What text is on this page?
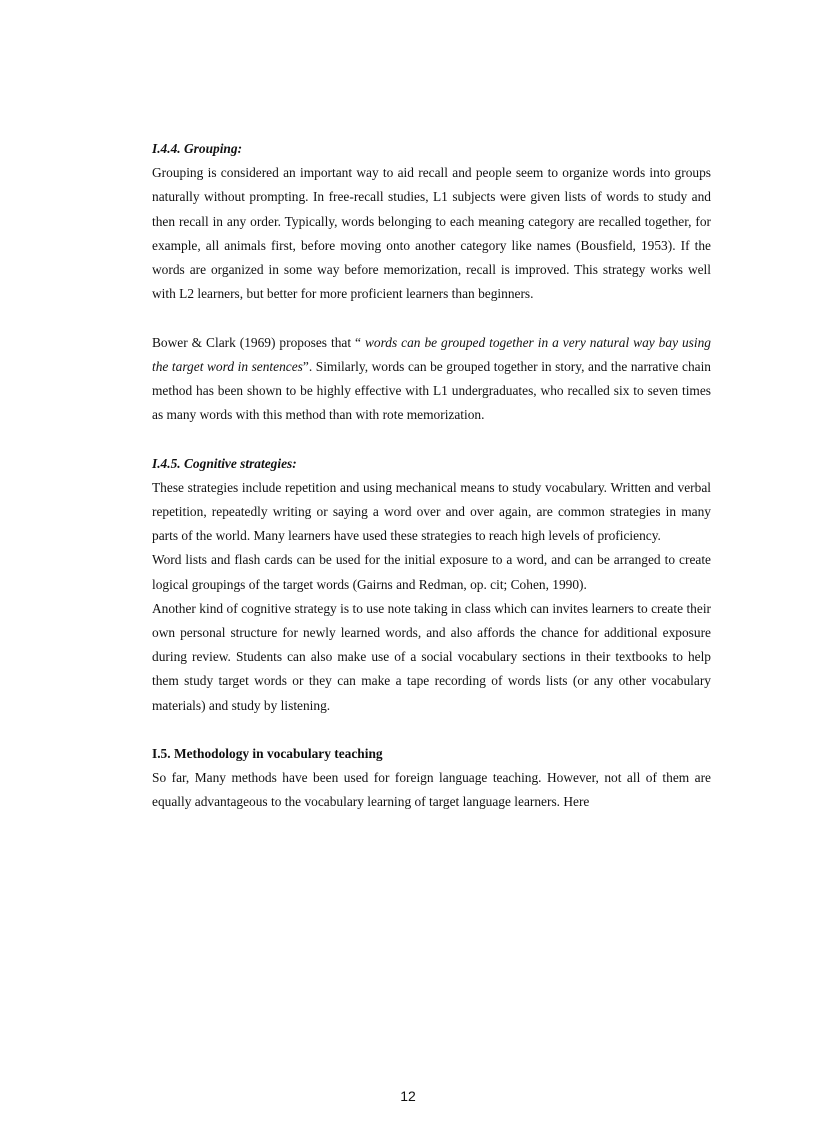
I.4.4. Grouping:

Grouping is considered an important way to aid recall and people seem to organize words into groups naturally without prompting. In free-recall studies, L1 subjects were given lists of words to study and then recall in any order. Typically, words belonging to each meaning category are recalled together, for example, all animals first, before moving onto another category like names (Bousfield, 1953). If the words are organized in some way before memorization, recall is improved. This strategy works well with L2 learners, but better for more proficient learners than beginners.

Bower & Clark (1969) proposes that “ words can be grouped together in a very natural way bay using the target word in sentences”. Similarly, words can be grouped together in story, and the narrative chain method has been shown to be highly effective with L1 undergraduates, who recalled six to seven times as many words with this method than with rote memorization.

I.4.5. Cognitive strategies:

These strategies include repetition and using mechanical means to study vocabulary. Written and verbal repetition, repeatedly writing or saying a word over and over again, are common strategies in many parts of the world. Many learners have used these strategies to reach high levels of proficiency.

Word lists and flash cards can be used for the initial exposure to a word, and can be arranged to create logical groupings of the target words (Gairns and Redman, op. cit; Cohen, 1990).

Another kind of cognitive strategy is to use note taking in class which can invites learners to create their own personal structure for newly learned words, and also affords the chance for additional exposure during review. Students can also make use of a social vocabulary sections in their textbooks to help them study target words or they can make a tape recording of words lists (or any other vocabulary materials) and study by listening.

I.5. Methodology in vocabulary teaching

So far, Many methods have been used for foreign language teaching. However, not all of them are equally advantageous to the vocabulary learning of target language learners. Here

12
